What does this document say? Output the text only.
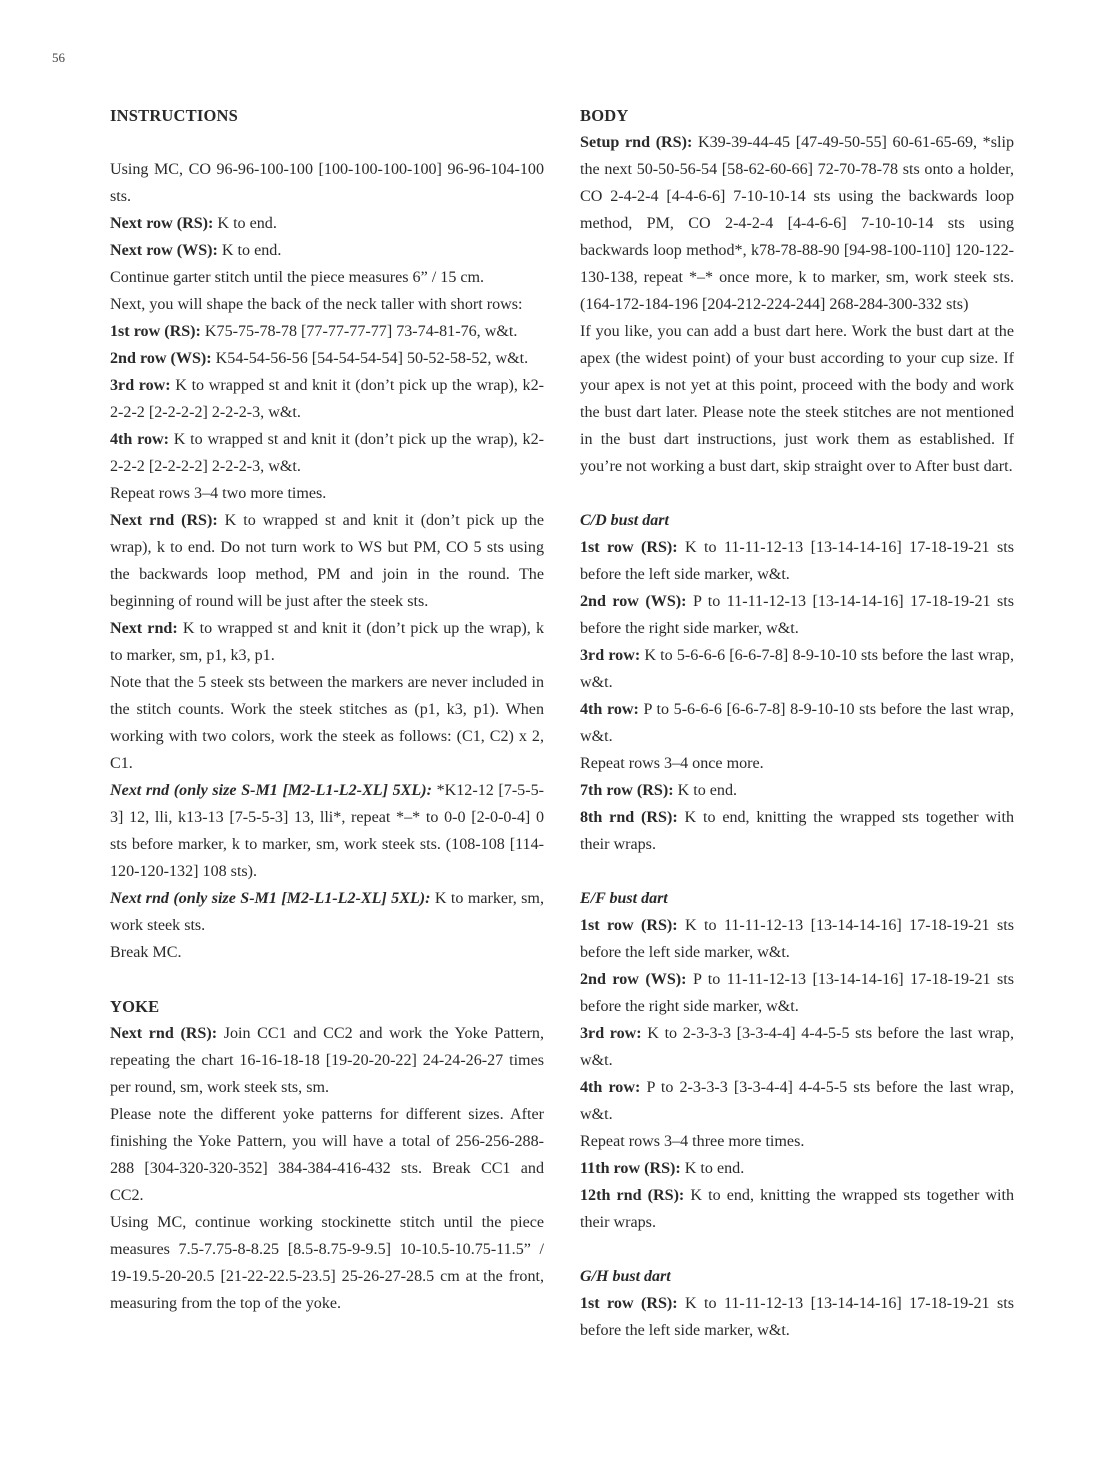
56
INSTRUCTIONS

Using MC, CO 96-96-100-100 [100-100-100-100] 96-96-104-100 sts.

Next row (RS): K to end.

Next row (WS): K to end.

Continue garter stitch until the piece measures 6” / 15 cm.

Next, you will shape the back of the neck taller with short rows:

1st row (RS): K75-75-78-78 [77-77-77-77] 73-74-81-76, w&t.

2nd row (WS): K54-54-56-56 [54-54-54-54] 50-52-58-52, w&t.

3rd row: K to wrapped st and knit it (don’t pick up the wrap), k2-2-2-2 [2-2-2-2] 2-2-2-3, w&t.

4th row: K to wrapped st and knit it (don’t pick up the wrap), k2-2-2-2 [2-2-2-2] 2-2-2-3, w&t.

Repeat rows 3–4 two more times.

Next rnd (RS): K to wrapped st and knit it (don’t pick up the wrap), k to end. Do not turn work to WS but PM, CO 5 sts using the backwards loop method, PM and join in the round. The beginning of round will be just after the steek sts.

Next rnd: K to wrapped st and knit it (don’t pick up the wrap), k to marker, sm, p1, k3, p1.

Note that the 5 steek sts between the markers are never included in the stitch counts. Work the steek stitches as (p1, k3, p1). When working with two colors, work the steek as follows: (C1, C2) x 2, C1.

Next rnd (only size S-M1 [M2-L1-L2-XL] 5XL): *K12-12 [7-5-5-3] 12, lli, k13-13 [7-5-5-3] 13, lli*, repeat *–* to 0-0 [2-0-0-4] 0 sts before marker, k to marker, sm, work steek sts. (108-108 [114-120-120-132] 108 sts).

Next rnd (only size S-M1 [M2-L1-L2-XL] 5XL): K to marker, sm, work steek sts.

Break MC.

YOKE

Next rnd (RS): Join CC1 and CC2 and work the Yoke Pattern, repeating the chart 16-16-18-18 [19-20-20-22] 24-24-26-27 times per round, sm, work steek sts, sm.

Please note the different yoke patterns for different sizes. After finishing the Yoke Pattern, you will have a total of 256-256-288-288 [304-320-320-352] 384-384-416-432 sts. Break CC1 and CC2.

Using MC, continue working stockinette stitch until the piece measures 7.5-7.75-8-8.25 [8.5-8.75-9-9.5] 10-10.5-10.75-11.5” / 19-19.5-20-20.5 [21-22-22.5-23.5] 25-26-27-28.5 cm at the front, measuring from the top of the yoke.

BODY

Setup rnd (RS): K39-39-44-45 [47-49-50-55] 60-61-65-69, *slip the next 50-50-56-54 [58-62-60-66] 72-70-78-78 sts onto a holder, CO 2-4-2-4 [4-4-6-6] 7-10-10-14 sts using the backwards loop method, PM, CO 2-4-2-4 [4-4-6-6] 7-10-10-14 sts using backwards loop method*, k78-78-88-90 [94-98-100-110] 120-122-130-138, repeat *–* once more, k to marker, sm, work steek sts. (164-172-184-196 [204-212-224-244] 268-284-300-332 sts)

If you like, you can add a bust dart here. Work the bust dart at the apex (the widest point) of your bust according to your cup size. If your apex is not yet at this point, proceed with the body and work the bust dart later. Please note the steek stitches are not mentioned in the bust dart instructions, just work them as established. If you’re not working a bust dart, skip straight over to After bust dart.

C/D bust dart

1st row (RS): K to 11-11-12-13 [13-14-14-16] 17-18-19-21 sts before the left side marker, w&t.

2nd row (WS): P to 11-11-12-13 [13-14-14-16] 17-18-19-21 sts before the right side marker, w&t.

3rd row: K to 5-6-6-6 [6-6-7-8] 8-9-10-10 sts before the last wrap, w&t.

4th row: P to 5-6-6-6 [6-6-7-8] 8-9-10-10 sts before the last wrap, w&t.

Repeat rows 3–4 once more.

7th row (RS): K to end.

8th rnd (RS): K to end, knitting the wrapped sts together with their wraps.

E/F bust dart

1st row (RS): K to 11-11-12-13 [13-14-14-16] 17-18-19-21 sts before the left side marker, w&t.

2nd row (WS): P to 11-11-12-13 [13-14-14-16] 17-18-19-21 sts before the right side marker, w&t.

3rd row: K to 2-3-3-3 [3-3-4-4] 4-4-5-5 sts before the last wrap, w&t.

4th row: P to 2-3-3-3 [3-3-4-4] 4-4-5-5 sts before the last wrap, w&t.

Repeat rows 3–4 three more times.

11th row (RS): K to end.

12th rnd (RS): K to end, knitting the wrapped sts together with their wraps.

G/H bust dart

1st row (RS): K to 11-11-12-13 [13-14-14-16] 17-18-19-21 sts before the left side marker, w&t.
